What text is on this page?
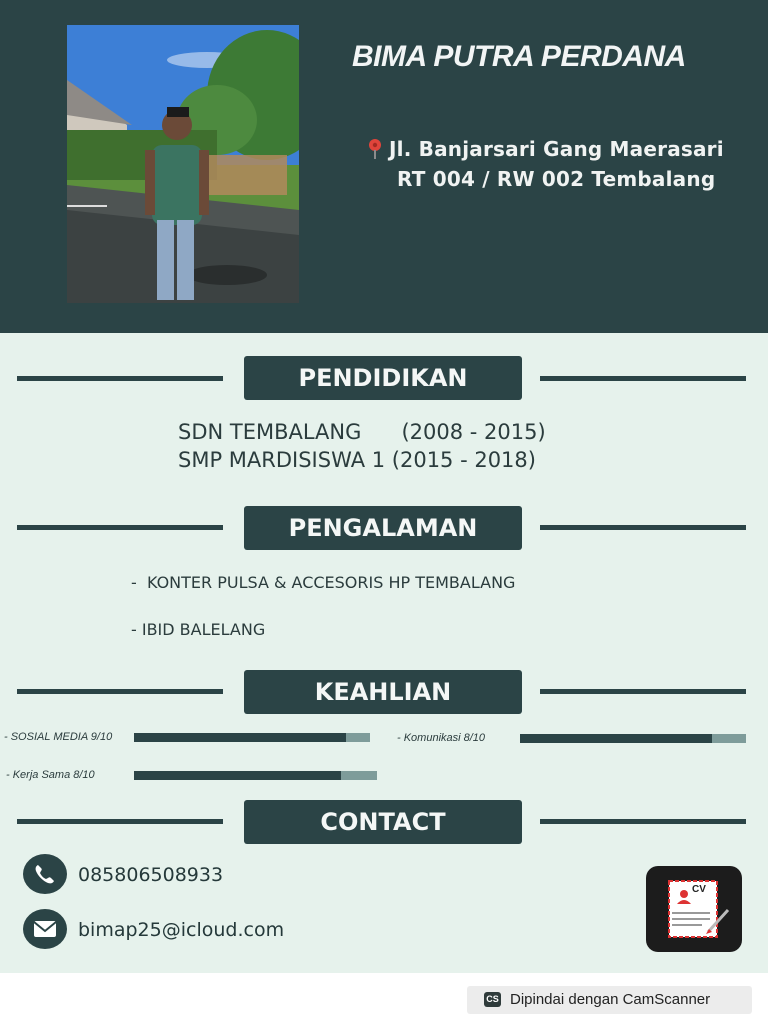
BIMA PUTRA PERDANA
Jl. Banjarsari Gang Maerasari
RT 004 / RW 002 Tembalang
PENDIDIKAN
SDN TEMBALANG      (2008 - 2015)
SMP MARDISISWA 1 (2015 - 2018)
PENGALAMAN
-  KONTER PULSA & ACCESORIS HP TEMBALANG
- IBID BALELANG
KEAHLIAN
- SOSIAL MEDIA 9/10	- Komunikasi 8/10
- Kerja Sama 8/10
CONTACT
085806508933
bimap25@icloud.com
CV
CS Dipindai dengan CamScanner
